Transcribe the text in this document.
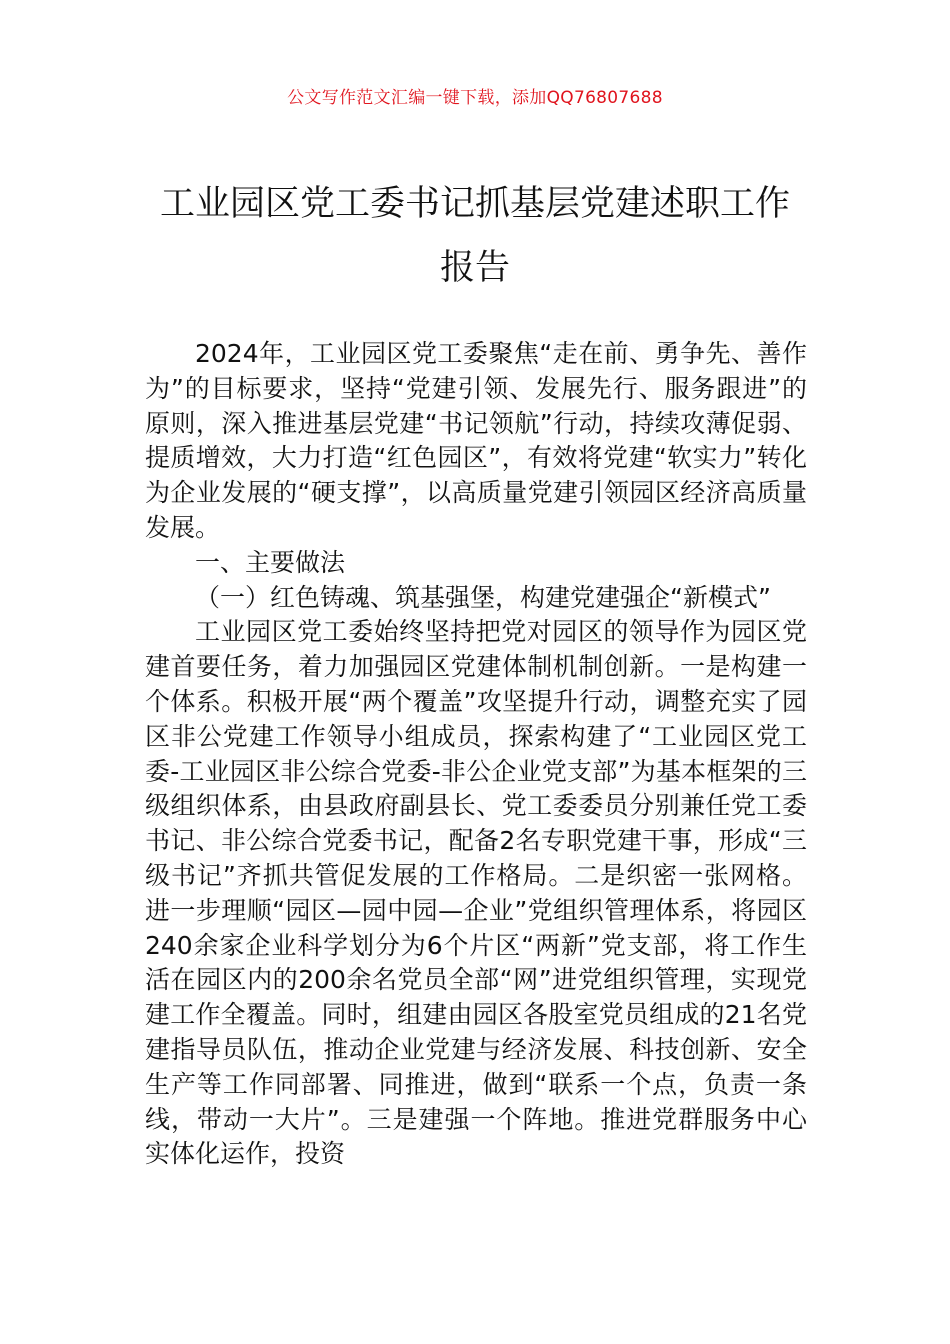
公文写作范文汇编一键下载，添加QQ76807688
工业园区党工委书记抓基层党建述职工作报告

2024年，工业园区党工委聚焦“走在前、勇争先、善作为”的目标要求，坚持“党建引领、发展先行、服务跟进”的原则，深入推进基层党建“书记领航”行动，持续攻薄促弱、提质增效，大力打造“红色园区”，有效将党建“软实力”转化为企业发展的“硬支撑”，以高质量党建引领园区经济高质量发展。

一、主要做法

（一）红色铸魂、筑基强堡，构建党建强企“新模式”

工业园区党工委始终坚持把党对园区的领导作为园区党建首要任务，着力加强园区党建体制机制创新。一是构建一个体系。积极开展“两个覆盖”攻坚提升行动，调整充实了园区非公党建工作领导小组成员，探索构建了“工业园区党工委-工业园区非公综合党委-非公企业党支部”为基本框架的三级组织体系，由县政府副县长、党工委委员分别兼任党工委书记、非公综合党委书记，配备2名专职党建干事，形成“三级书记”齐抓共管促发展的工作格局。二是织密一张网格。进一步理顺“园区—园中园—企业”党组织管理体系，将园区240余家企业科学划分为6个片区“两新”党支部，将工作生活在园区内的200余名党员全部“网”进党组织管理，实现党建工作全覆盖。同时，组建由园区各股室党员组成的21名党建指导员队伍，推动企业党建与经济发展、科技创新、安全生产等工作同部署、同推进，做到“联系一个点，负责一条线，带动一大片”。三是建强一个阵地。推进党群服务中心实体化运作，投资
